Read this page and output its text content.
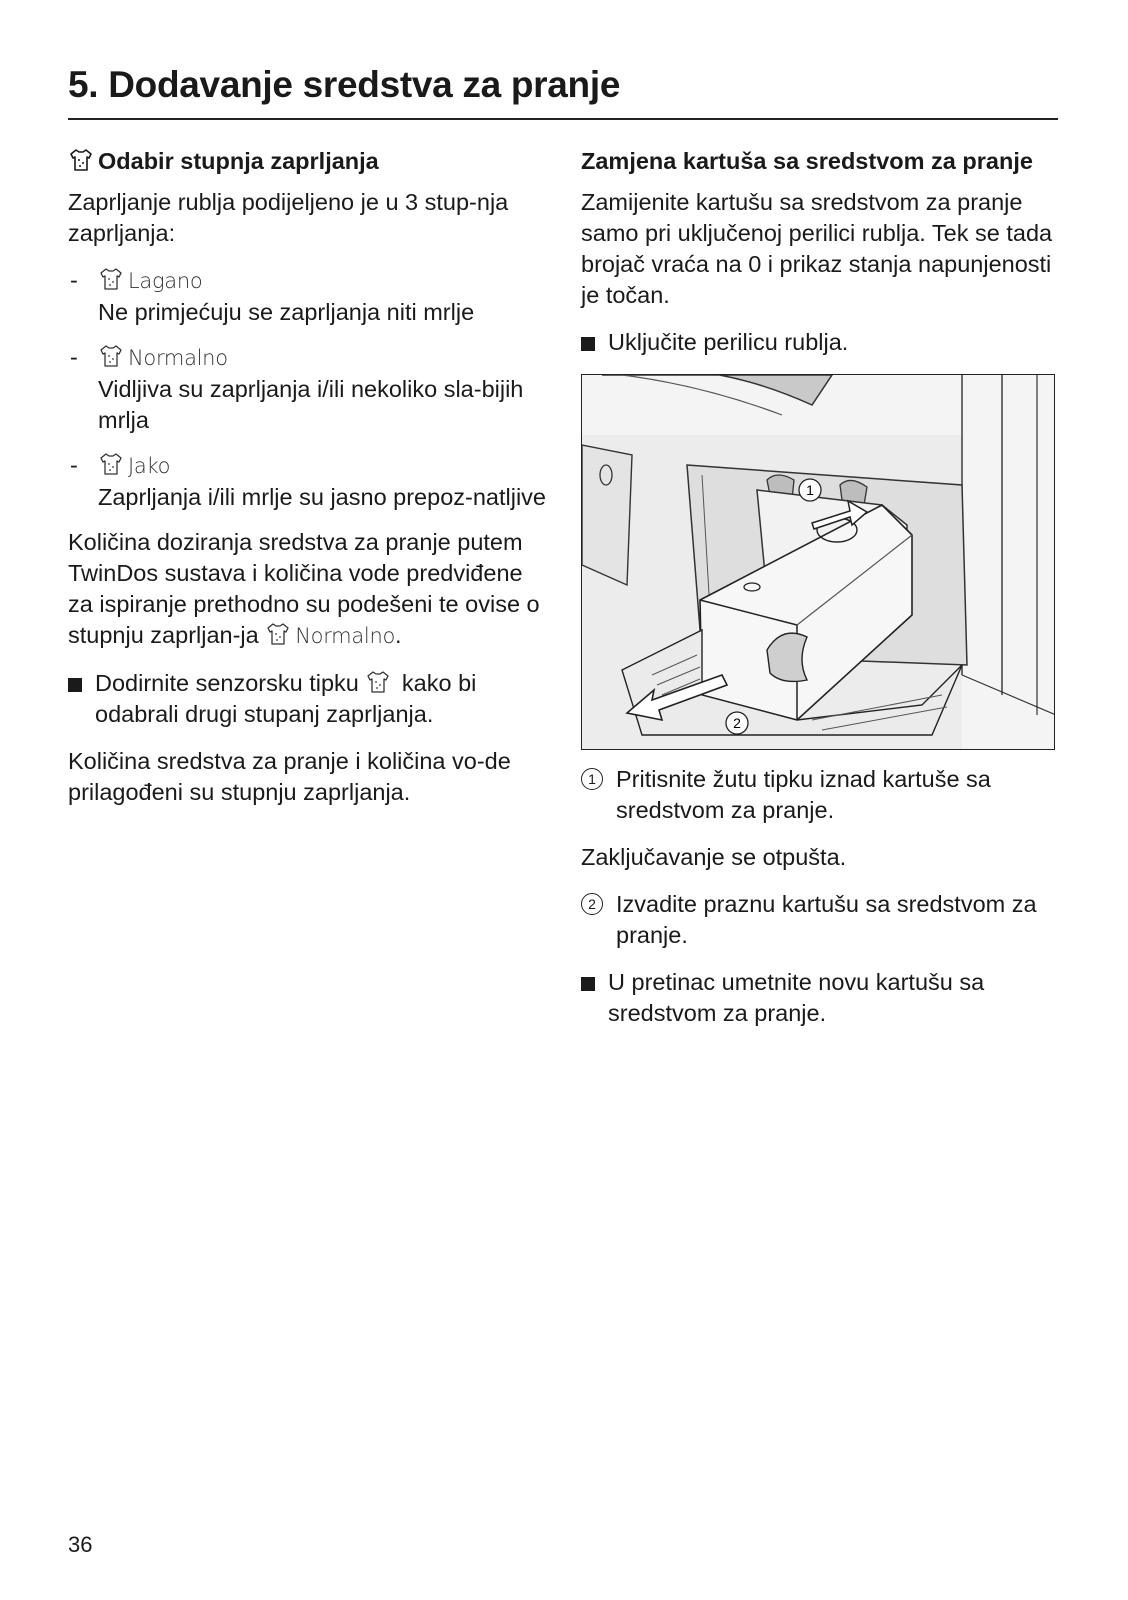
5. Dodavanje sredstva za pranje
Odabir stupnja zaprljanja

Zaprljanje rublja podijeljeno je u 3 stup-nja zaprljanja:

-	Lagano
Ne primjećuju se zaprljanja niti mrlje
-	Normalno
Vidljiva su zaprljanja i/ili nekoliko sla-bijih mrlja
-	Jako
Zaprljanja i/ili mrlje su jasno prepoz-natljive

Količina doziranja sredstva za pranje putem TwinDos sustava i količina vode predviđene za ispiranje prethodno su podešeni te ovise o stupnju zaprljan-ja Normalno.

Dodirnite senzorsku tipku kako bi odabrali drugi stupanj zaprljanja.

Količina sredstva za pranje i količina vo-de prilagođeni su stupnju zaprljanja.

Zamjena kartuša sa sredstvom za pranje

Zamijenite kartušu sa sredstvom za pranje samo pri uključenoj perilici rublja. Tek se tada brojač vraća na 0 i prikaz stanja napunjenosti je točan.

Uključite perilicu rublja.
1
2
1 Pritisnite žutu tipku iznad kartuše sa sredstvom za pranje.

Zaključavanje se otpušta.

2 Izvadite praznu kartušu sa sredstvom za pranje.
U pretinac umetnite novu kartušu sa sredstvom za pranje.
36
